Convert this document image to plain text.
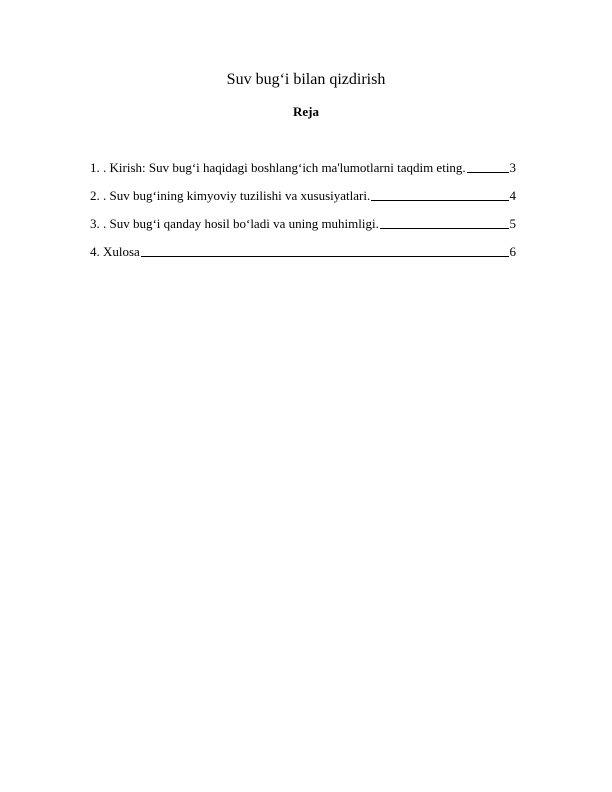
Suv bug‘i bilan qizdirish
Reja
1. . Kirish: Suv bug‘i haqidagi boshlang‘ich ma'lumotlarni taqdim eting.	3
2. . Suv bug‘ining kimyoviy tuzilishi va xususiyatlari.	4
3. . Suv bug‘i qanday hosil bo‘ladi va uning muhimligi.	5
4. Xulosa	6
